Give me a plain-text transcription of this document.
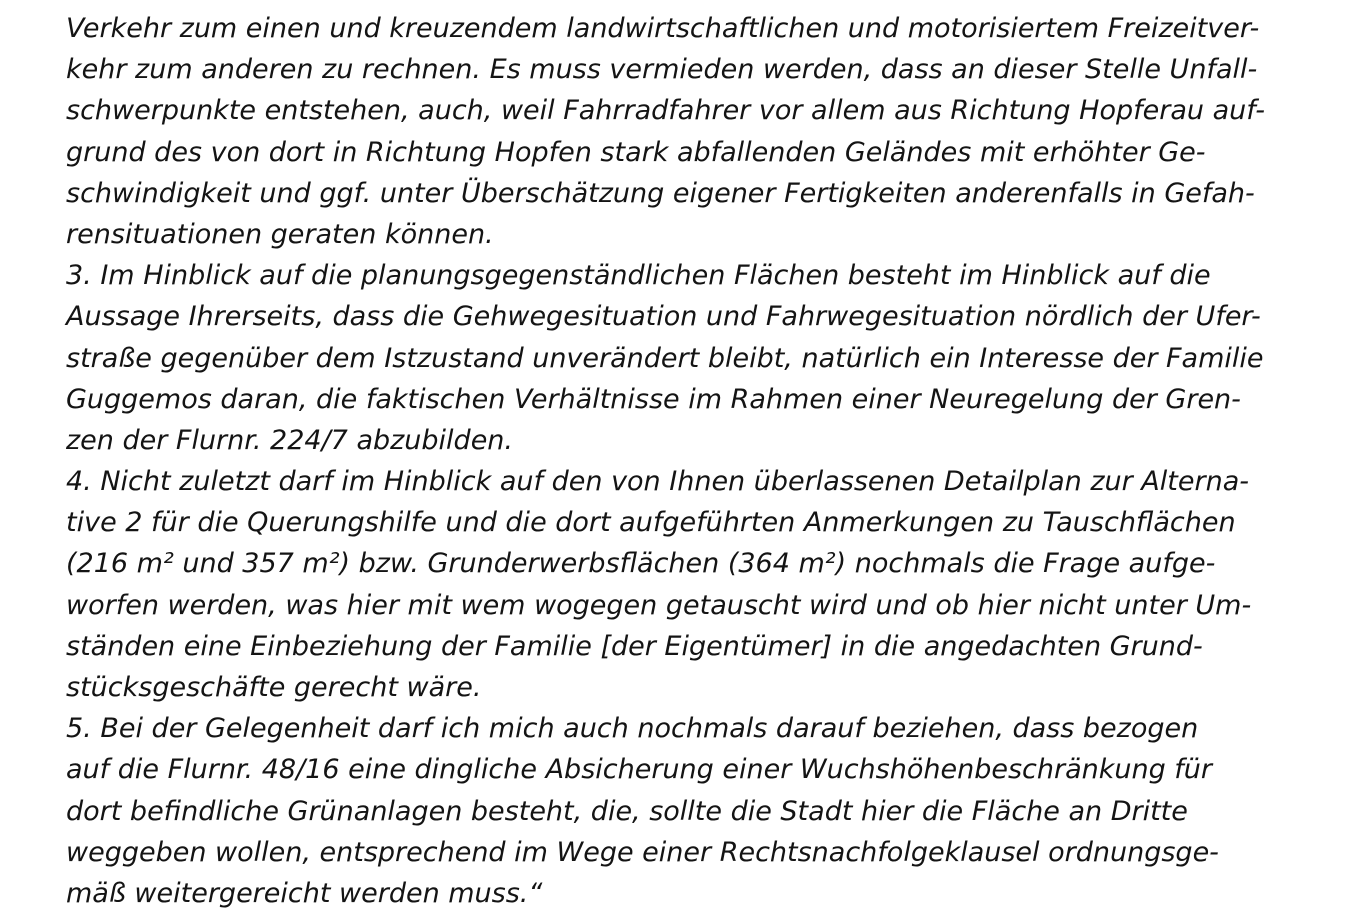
Verkehr zum einen und kreuzendem landwirtschaftlichen und motorisiertem Freizeitver-
kehr zum anderen zu rechnen. Es muss vermieden werden, dass an dieser Stelle Unfall-
schwerpunkte entstehen, auch, weil Fahrradfahrer vor allem aus Richtung Hopferau auf-
grund des von dort in Richtung Hopfen stark abfallenden Geländes mit erhöhter Ge-
schwindigkeit und ggf. unter Überschätzung eigener Fertigkeiten anderenfalls in Gefah-
rensituationen geraten können.
3. Im Hinblick auf die planungsgegenständlichen Flächen besteht im Hinblick auf die
Aussage Ihrerseits, dass die Gehwegesituation und Fahrwegesituation nördlich der Ufer-
straße gegenüber dem Istzustand unverändert bleibt, natürlich ein Interesse der Familie
Guggemos daran, die faktischen Verhältnisse im Rahmen einer Neuregelung der Gren-
zen der Flurnr. 224/7 abzubilden.
4. Nicht zuletzt darf im Hinblick auf den von Ihnen überlassenen Detailplan zur Alterna-
tive 2 für die Querungshilfe und die dort aufgeführten Anmerkungen zu Tauschflächen
(216 m² und 357 m²) bzw. Grunderwerbsflächen (364 m²) nochmals die Frage aufge-
worfen werden, was hier mit wem wogegen getauscht wird und ob hier nicht unter Um-
ständen eine Einbeziehung der Familie [der Eigentümer] in die angedachten Grund-
stücksgeschäfte gerecht wäre.
5. Bei der Gelegenheit darf ich mich auch nochmals darauf beziehen, dass bezogen
auf die Flurnr. 48/16 eine dingliche Absicherung einer Wuchshöhenbeschränkung für
dort befindliche Grünanlagen besteht, die, sollte die Stadt hier die Fläche an Dritte
weggeben wollen, entsprechend im Wege einer Rechtsnachfolgeklausel ordnungsge-
mäß weitergereicht werden muss.“
